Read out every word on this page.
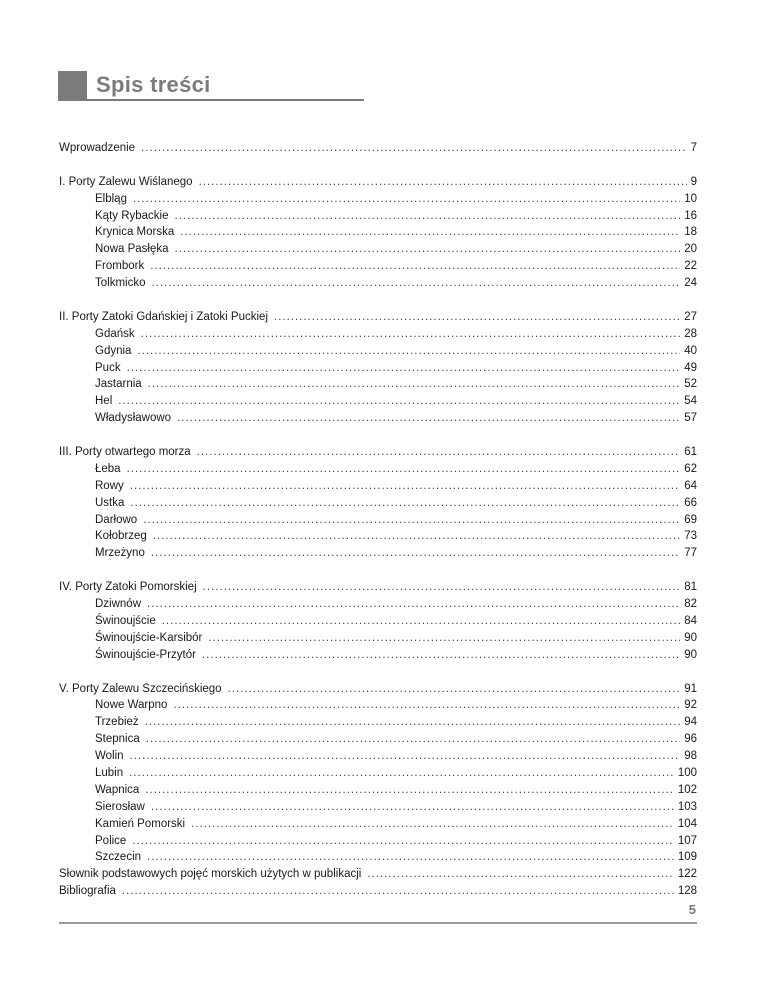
Spis treści
Wprowadzenie .....	7
I. Porty Zalewu Wiślanego .....	9
Elbląg .....	10
Kąty Rybackie .....	16
Krynica Morska .....	18
Nowa Pasłęka .....	20
Frombork .....	22
Tolkmicko .....	24
II. Porty Zatoki Gdańskiej i Zatoki Puckiej .....	27
Gdańsk .....	28
Gdynia .....	40
Puck .....	49
Jastarnia .....	52
Hel .....	54
Władysławowo .....	57
III. Porty otwartego morza .....	61
Łeba .....	62
Rowy .....	64
Ustka .....	66
Darłowo .....	69
Kołobrzeg .....	73
Mrzeżyno .....	77
IV. Porty Zatoki Pomorskiej .....	81
Dziwnów .....	82
Świnoujście .....	84
Świnoujście-Karsibór .....	90
Świnoujście-Przytór .....	90
V. Porty Zalewu Szczecińskiego .....	91
Nowe Warpno .....	92
Trzebież .....	94
Stepnica .....	96
Wolin .....	98
Lubin .....	100
Wapnica .....	102
Sierosław .....	103
Kamień Pomorski .....	104
Police .....	107
Szczecin .....	109
Słownik podstawowych pojęć morskich użytych w publikacji .....	122
Bibliografia .....	128
5
